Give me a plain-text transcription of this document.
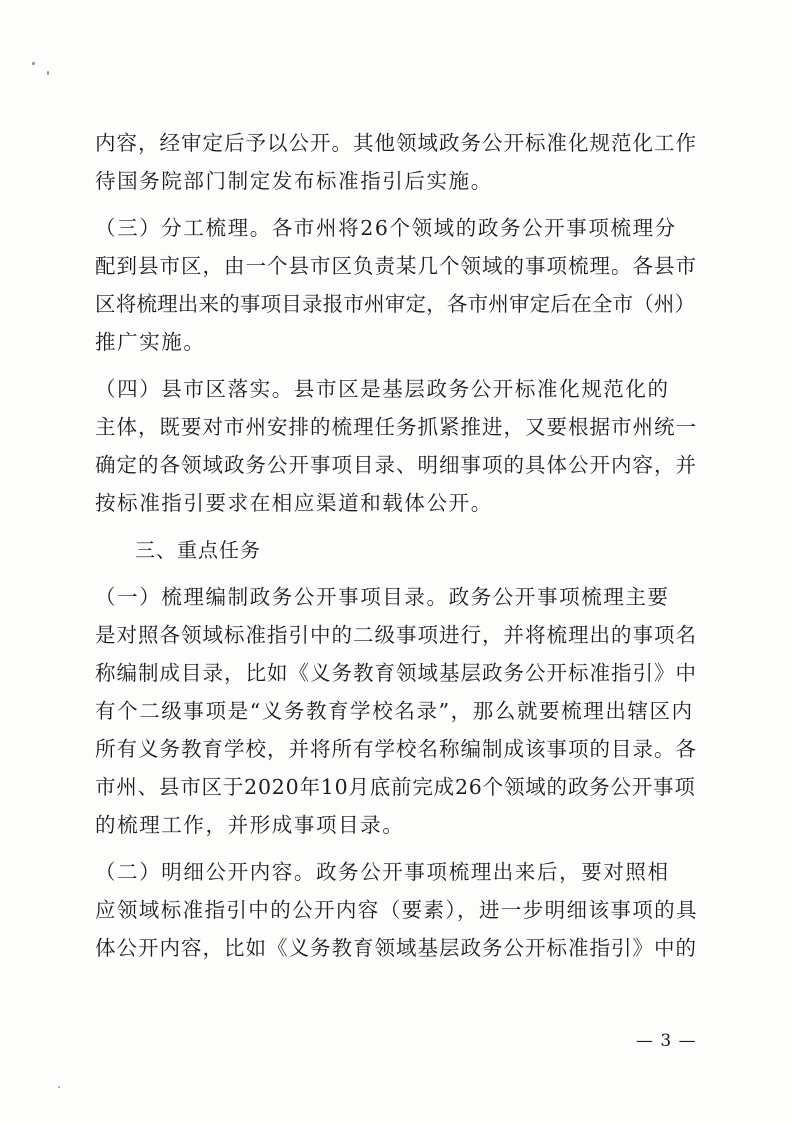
内容，经审定后予以公开。其他领域政务公开标准化规范化工作
待国务院部门制定发布标准指引后实施。
（三）分工梳理。各市州将26个领域的政务公开事项梳理分
配到县市区，由一个县市区负责某几个领域的事项梳理。各县市
区将梳理出来的事项目录报市州审定，各市州审定后在全市（州）
推广实施。
（四）县市区落实。县市区是基层政务公开标准化规范化的
主体，既要对市州安排的梳理任务抓紧推进，又要根据市州统一
确定的各领域政务公开事项目录、明细事项的具体公开内容，并
按标准指引要求在相应渠道和载体公开。
三、重点任务
（一）梳理编制政务公开事项目录。政务公开事项梳理主要
是对照各领域标准指引中的二级事项进行，并将梳理出的事项名
称编制成目录，比如《义务教育领域基层政务公开标准指引》中
有个二级事项是“义务教育学校名录”，那么就要梳理出辖区内
所有义务教育学校，并将所有学校名称编制成该事项的目录。各
市州、县市区于2020年10月底前完成26个领域的政务公开事项
的梳理工作，并形成事项目录。
（二）明细公开内容。政务公开事项梳理出来后，要对照相
应领域标准指引中的公开内容（要素），进一步明细该事项的具
体公开内容，比如《义务教育领域基层政务公开标准指引》中的
— 3 —
